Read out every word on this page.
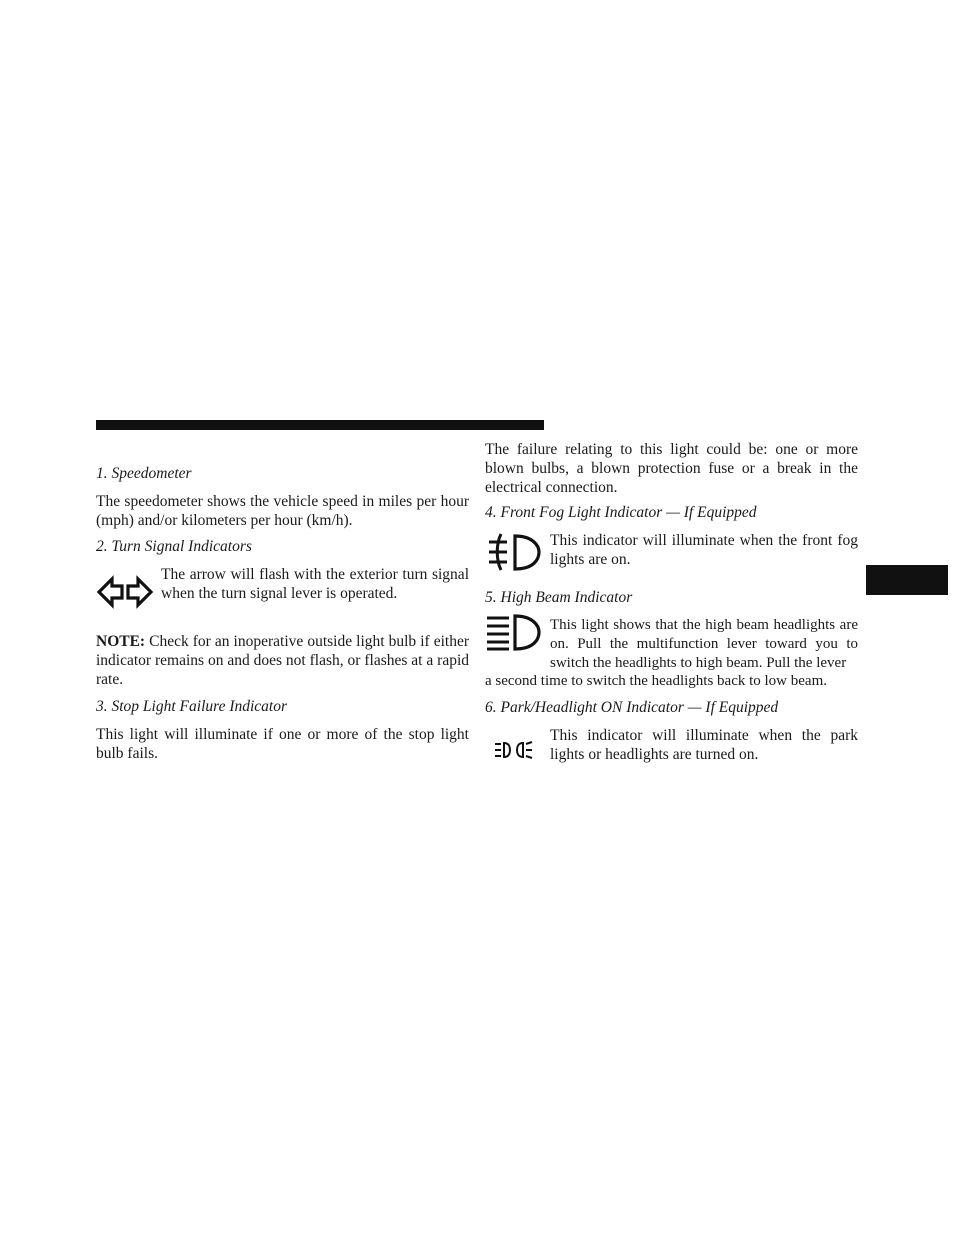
1. Speedometer

The speedometer shows the vehicle speed in miles per hour (mph) and/or kilometers per hour (km/h).

2. Turn Signal Indicators

The arrow will flash with the exterior turn signal when the turn signal lever is operated.

NOTE: Check for an inoperative outside light bulb if either indicator remains on and does not flash, or flashes at a rapid rate.

3. Stop Light Failure Indicator

This light will illuminate if one or more of the stop light bulb fails.

The failure relating to this light could be: one or more blown bulbs, a blown protection fuse or a break in the electrical connection.

4. Front Fog Light Indicator — If Equipped

This indicator will illuminate when the front fog lights are on.

5. High Beam Indicator

This light shows that the high beam headlights are on. Pull the multifunction lever toward you to switch the headlights to high beam. Pull the lever

a second time to switch the headlights back to low beam.

6. Park/Headlight ON Indicator — If Equipped

This indicator will illuminate when the park lights or headlights are turned on.
